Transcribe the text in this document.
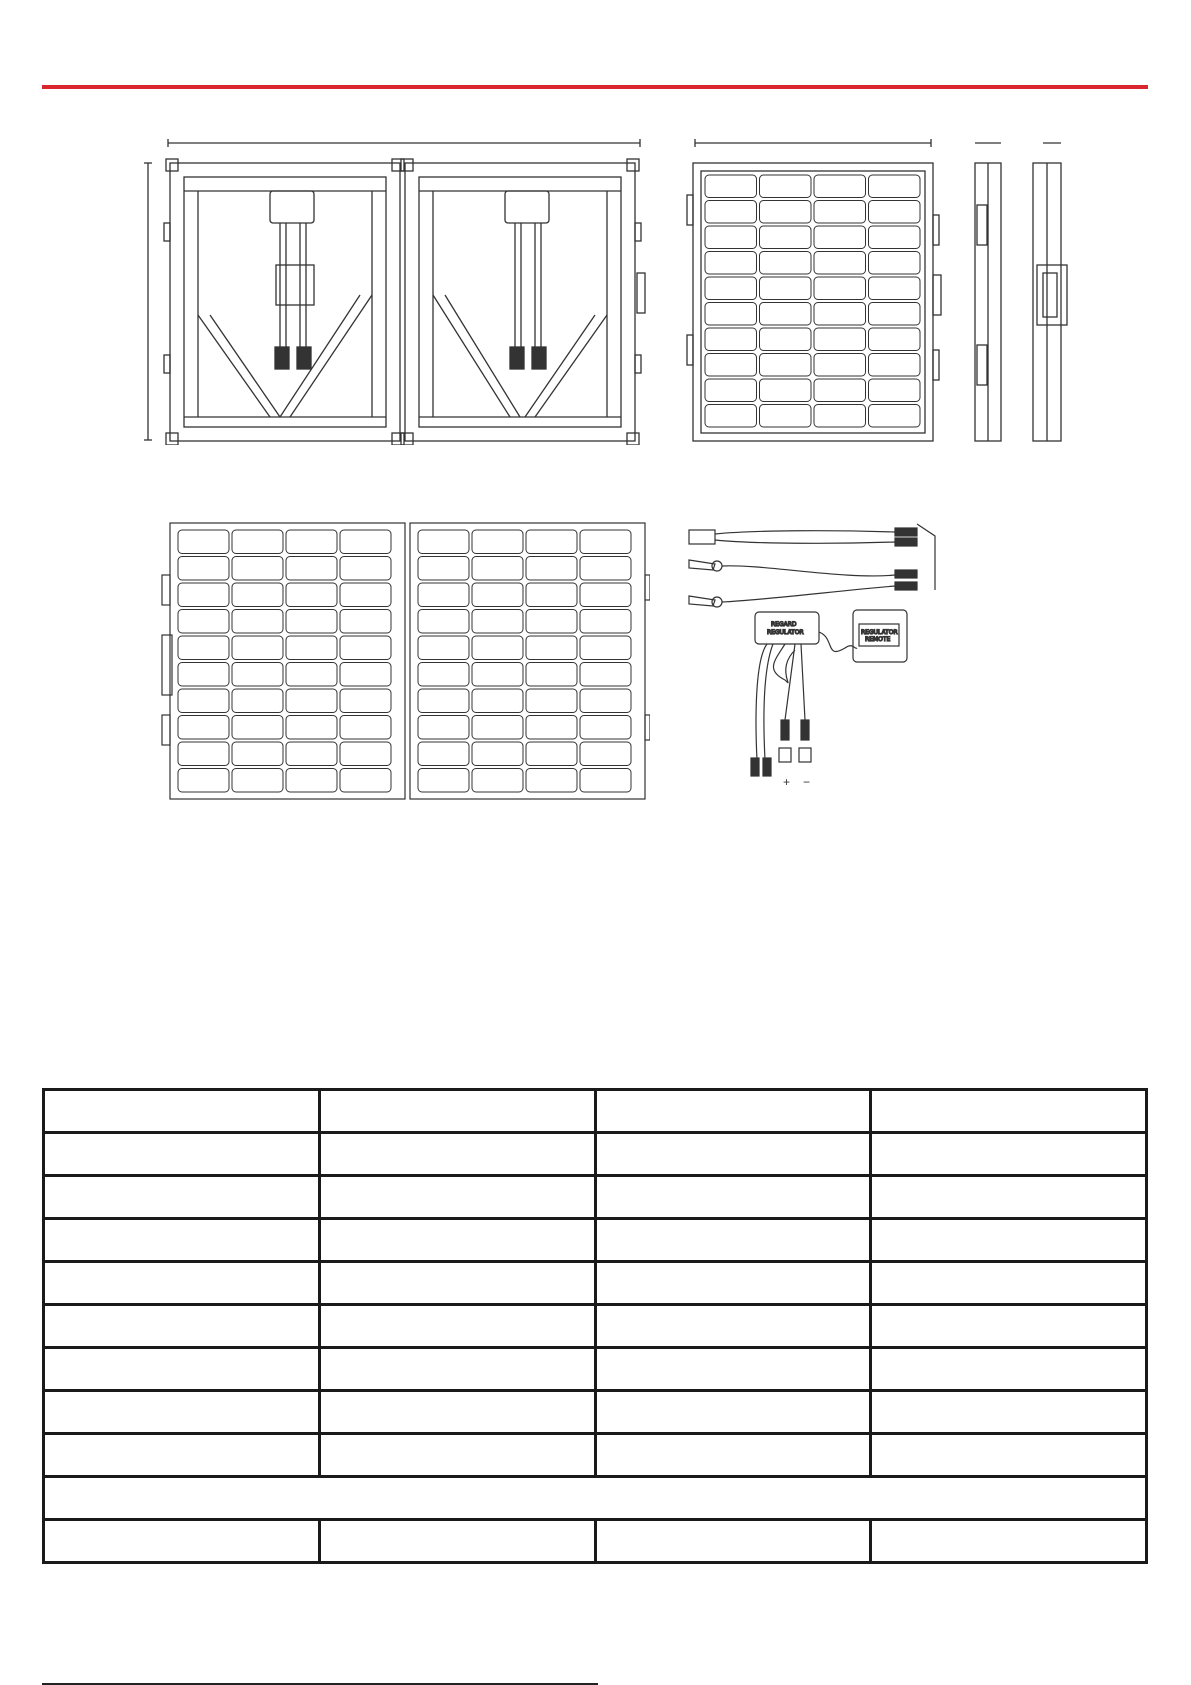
REGARD
REGULATOR	REGULATOR
REMOTE
+ −
